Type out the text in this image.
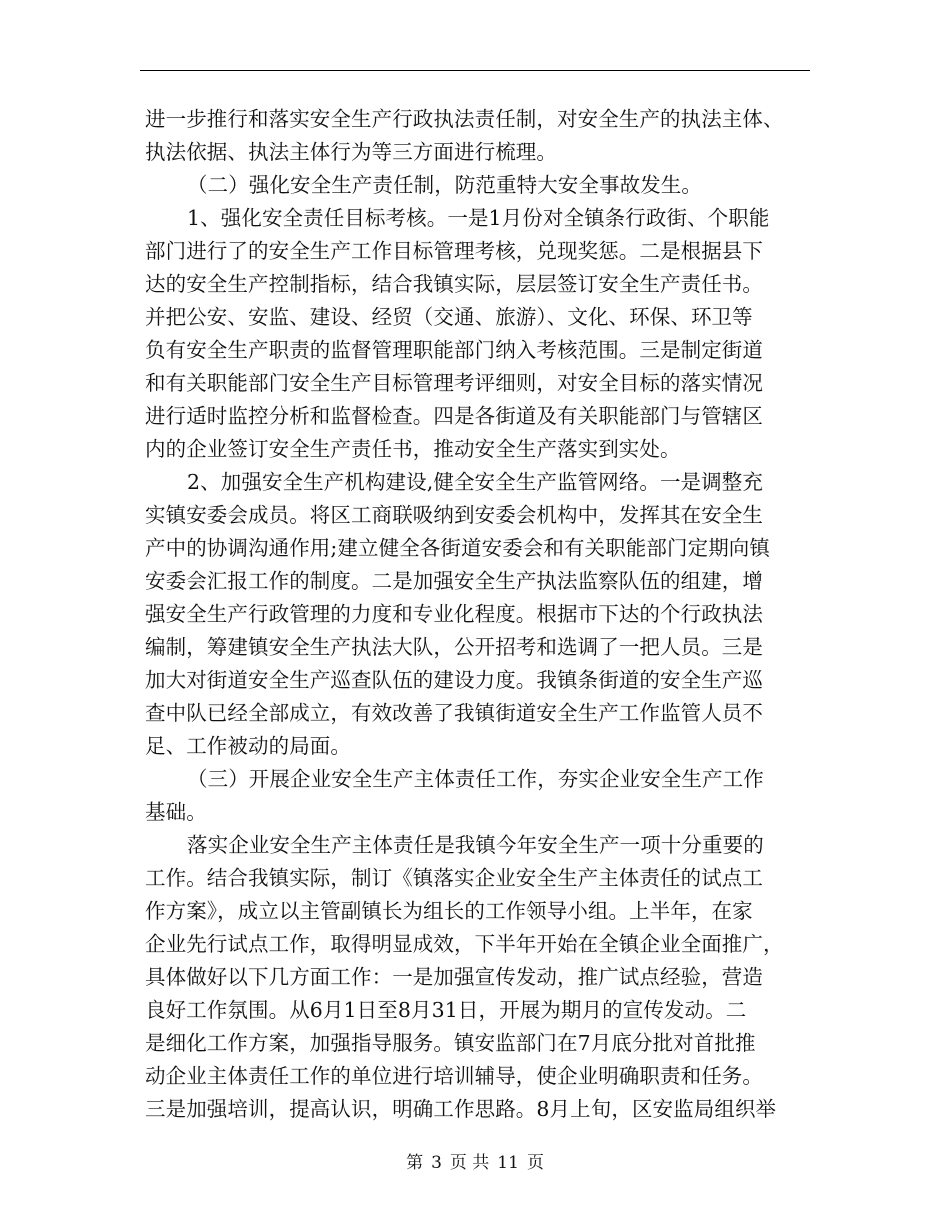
进一步推行和落实安全生产行政执法责任制，对安全生产的执法主体、
执法依据、执法主体行为等三方面进行梳理。
（二）强化安全生产责任制，防范重特大安全事故发生。
1、强化安全责任目标考核。一是1月份对全镇条行政街、个职能
部门进行了的安全生产工作目标管理考核，兑现奖惩。二是根据县下
达的安全生产控制指标，结合我镇实际，层层签订安全生产责任书。
并把公安、安监、建设、经贸（交通、旅游）、文化、环保、环卫等
负有安全生产职责的监督管理职能部门纳入考核范围。三是制定街道
和有关职能部门安全生产目标管理考评细则，对安全目标的落实情况
进行适时监控分析和监督检查。四是各街道及有关职能部门与管辖区
内的企业签订安全生产责任书，推动安全生产落实到实处。
2、加强安全生产机构建设,健全安全生产监管网络。一是调整充
实镇安委会成员。将区工商联吸纳到安委会机构中，发挥其在安全生
产中的协调沟通作用;建立健全各街道安委会和有关职能部门定期向镇
安委会汇报工作的制度。二是加强安全生产执法监察队伍的组建，增
强安全生产行政管理的力度和专业化程度。根据市下达的个行政执法
编制，筹建镇安全生产执法大队，公开招考和选调了一把人员。三是
加大对街道安全生产巡查队伍的建设力度。我镇条街道的安全生产巡
查中队已经全部成立，有效改善了我镇街道安全生产工作监管人员不
足、工作被动的局面。
（三）开展企业安全生产主体责任工作，夯实企业安全生产工作
基础。
落实企业安全生产主体责任是我镇今年安全生产一项十分重要的
工作。结合我镇实际，制订《镇落实企业安全生产主体责任的试点工
作方案》，成立以主管副镇长为组长的工作领导小组。上半年，在家
企业先行试点工作，取得明显成效，下半年开始在全镇企业全面推广，
具体做好以下几方面工作：一是加强宣传发动，推广试点经验，营造
良好工作氛围。从6月1日至8月31日，开展为期月的宣传发动。二
是细化工作方案，加强指导服务。镇安监部门在7月底分批对首批推
动企业主体责任工作的单位进行培训辅导，使企业明确职责和任务。
三是加强培训，提高认识，明确工作思路。8月上旬，区安监局组织举
第 3 页 共 11 页
